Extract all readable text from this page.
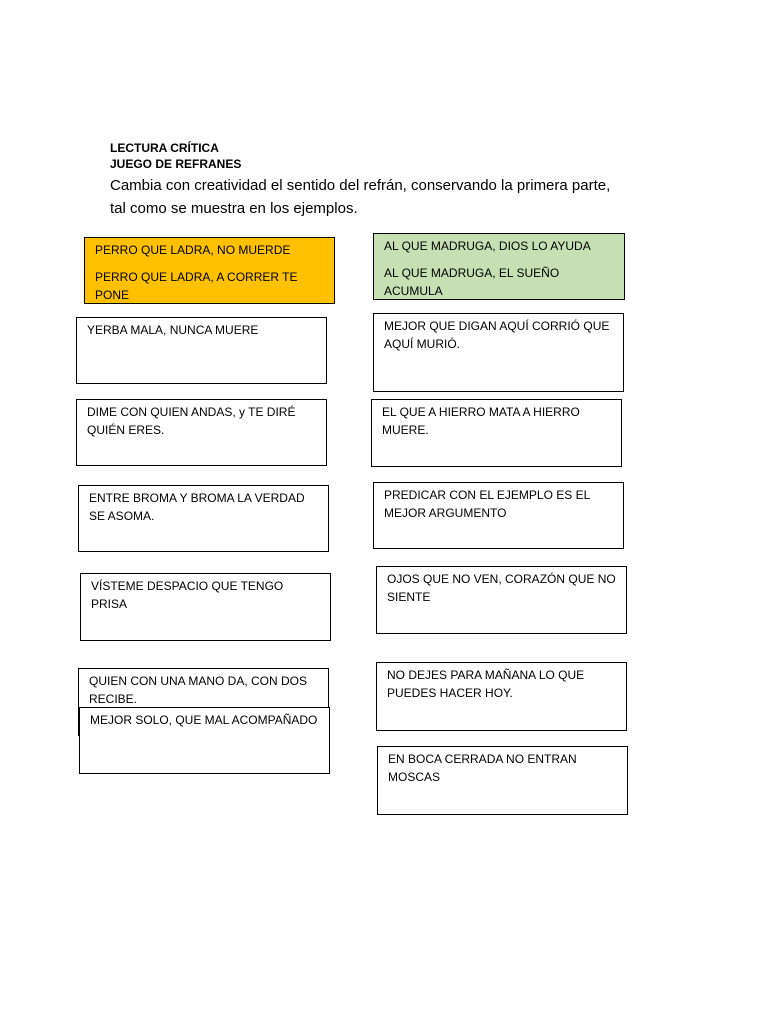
LECTURA CRÍTICA
JUEGO DE REFRANES
Cambia con creatividad el sentido del refrán, conservando la primera parte, tal como se muestra en los ejemplos.

PERRO QUE LADRA, NO MUERDE

PERRO QUE LADRA, A CORRER TE PONE

AL QUE MADRUGA, DIOS LO AYUDA

AL QUE MADRUGA, EL SUEÑO ACUMULA

YERBA MALA, NUNCA MUERE

DIME CON QUIEN ANDAS, y TE DIRÉ QUIÉN ERES.

ENTRE BROMA Y BROMA LA VERDAD SE ASOMA.

VÍSTEME DESPACIO QUE TENGO PRISA

QUIEN CON UNA MANO DA, CON DOS RECIBE.

MEJOR SOLO, QUE MAL ACOMPAÑADO

MEJOR QUE DIGAN AQUÍ CORRIÓ QUE AQUÍ MURIÓ.

EL QUE A HIERRO MATA A HIERRO MUERE.

PREDICAR CON EL EJEMPLO ES EL MEJOR ARGUMENTO

OJOS QUE NO VEN, CORAZÓN QUE NO SIENTE

NO DEJES PARA MAÑANA LO QUE PUEDES HACER HOY.

EN BOCA CERRADA NO ENTRAN MOSCAS
